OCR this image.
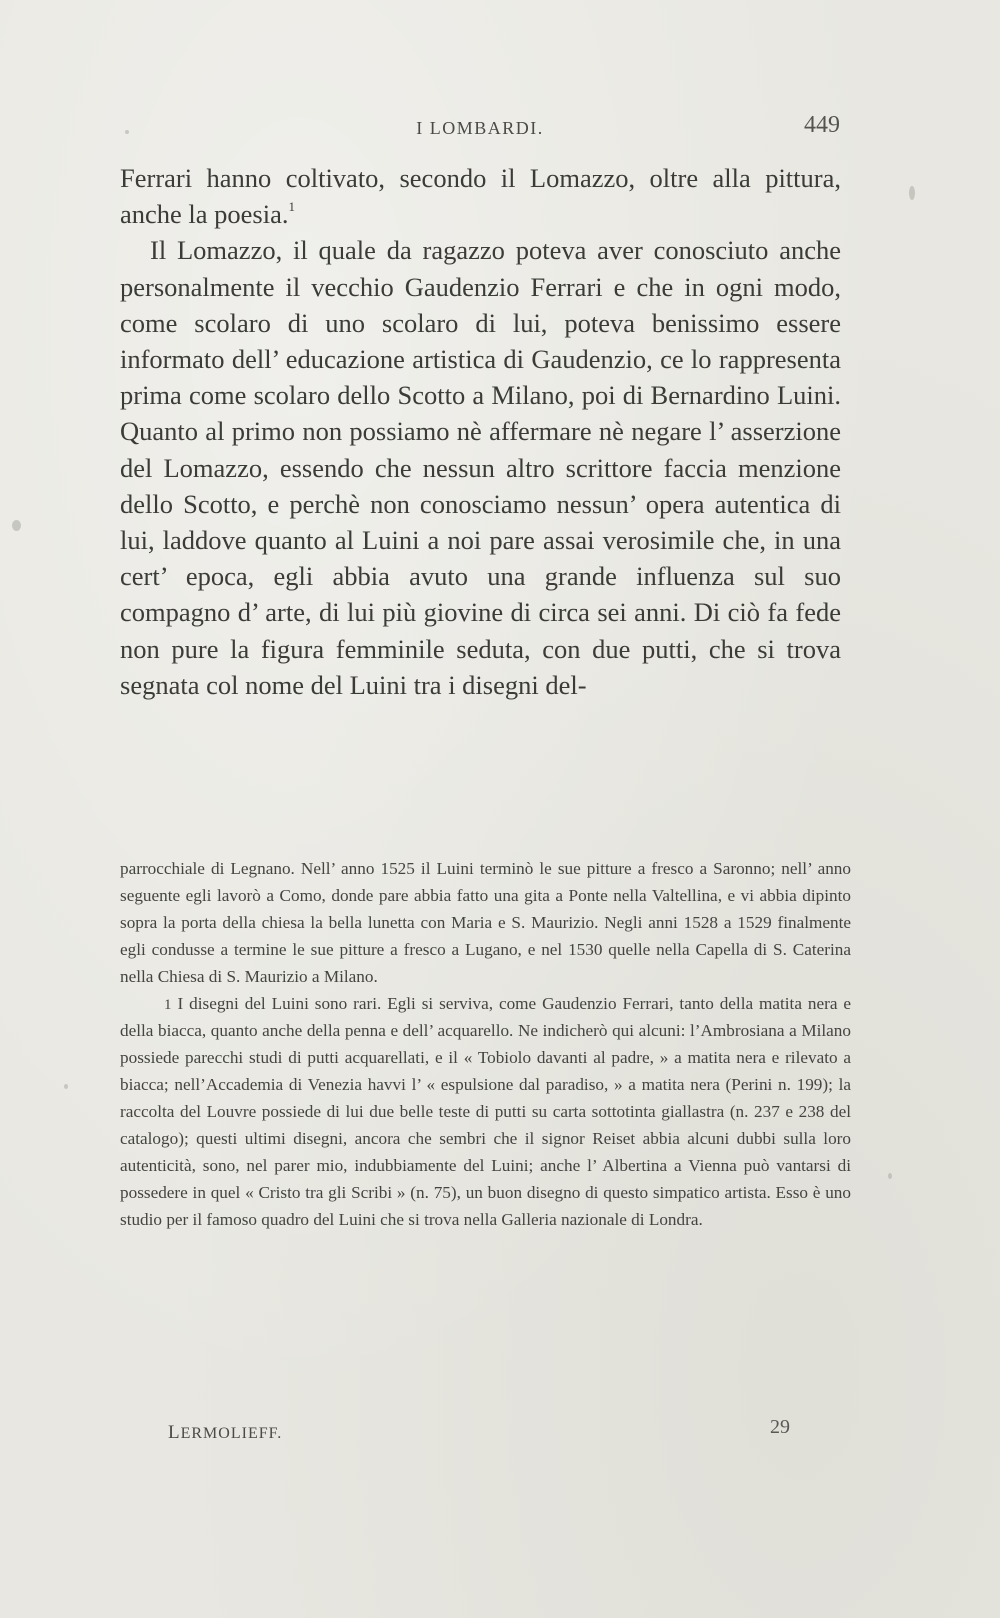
I LOMBARDI.	449

Ferrari hanno coltivato, secondo il Lomazzo, oltre alla pittura, anche la poesia.$^1$

Il Lomazzo, il quale da ragazzo poteva aver conosciuto anche personalmente il vecchio Gaudenzio Ferrari e che in ogni modo, come scolaro di uno scolaro di lui, poteva benissimo essere informato dell’ educazione artistica di Gaudenzio, ce lo rappresenta prima come scolaro dello Scotto a Milano, poi di Bernardino Luini. Quanto al primo non possiamo nè affermare nè negare l’ asserzione del Lomazzo, essendo che nessun altro scrittore faccia menzione dello Scotto, e perchè non conosciamo nessun’ opera autentica di lui, laddove quanto al Luini a noi pare assai verosimile che, in una cert’ epoca, egli abbia avuto una grande influenza sul suo compagno d’ arte, di lui più giovine di circa sei anni. Di ciò fa fede non pure la figura femminile seduta, con due putti, che si trova segnata col nome del Luini tra i disegni del-

parrocchiale di Legnano. Nell’ anno 1525 il Luini terminò le sue pitture a fresco a Saronno; nell’ anno seguente egli lavorò a Como, donde pare abbia fatto una gita a Ponte nella Valtellina, e vi abbia dipinto sopra la porta della chiesa la bella lunetta con Maria e S. Maurizio. Negli anni 1528 a 1529 finalmente egli condusse a termine le sue pitture a fresco a Lugano, e nel 1530 quelle nella Capella di S. Caterina nella Chiesa di S. Maurizio a Milano.

1 I disegni del Luini sono rari. Egli si serviva, come Gaudenzio Ferrari, tanto della matita nera e della biacca, quanto anche della penna e dell’ acquarello. Ne indicherò qui alcuni: l’Ambrosiana a Milano possiede parecchi studi di putti acquarellati, e il « Tobiolo davanti al padre, » a matita nera e rilevato a biacca; nell’Accademia di Venezia havvi l’ « espulsione dal paradiso, » a matita nera (Perini n. 199); la raccolta del Louvre possiede di lui due belle teste di putti su carta sottotinta giallastra (n. 237 e 238 del catalogo); questi ultimi disegni, ancora che sembri che il signor Reiset abbia alcuni dubbi sulla loro autenticità, sono, nel parer mio, indubbiamente del Luini; anche l’ Albertina a Vienna può vantarsi di possedere in quel « Cristo tra gli Scribi » (n. 75), un buon disegno di questo simpatico artista. Esso è uno studio per il famoso quadro del Luini che si trova nella Galleria nazionale di Londra.

LERMOLIEFF.	29
